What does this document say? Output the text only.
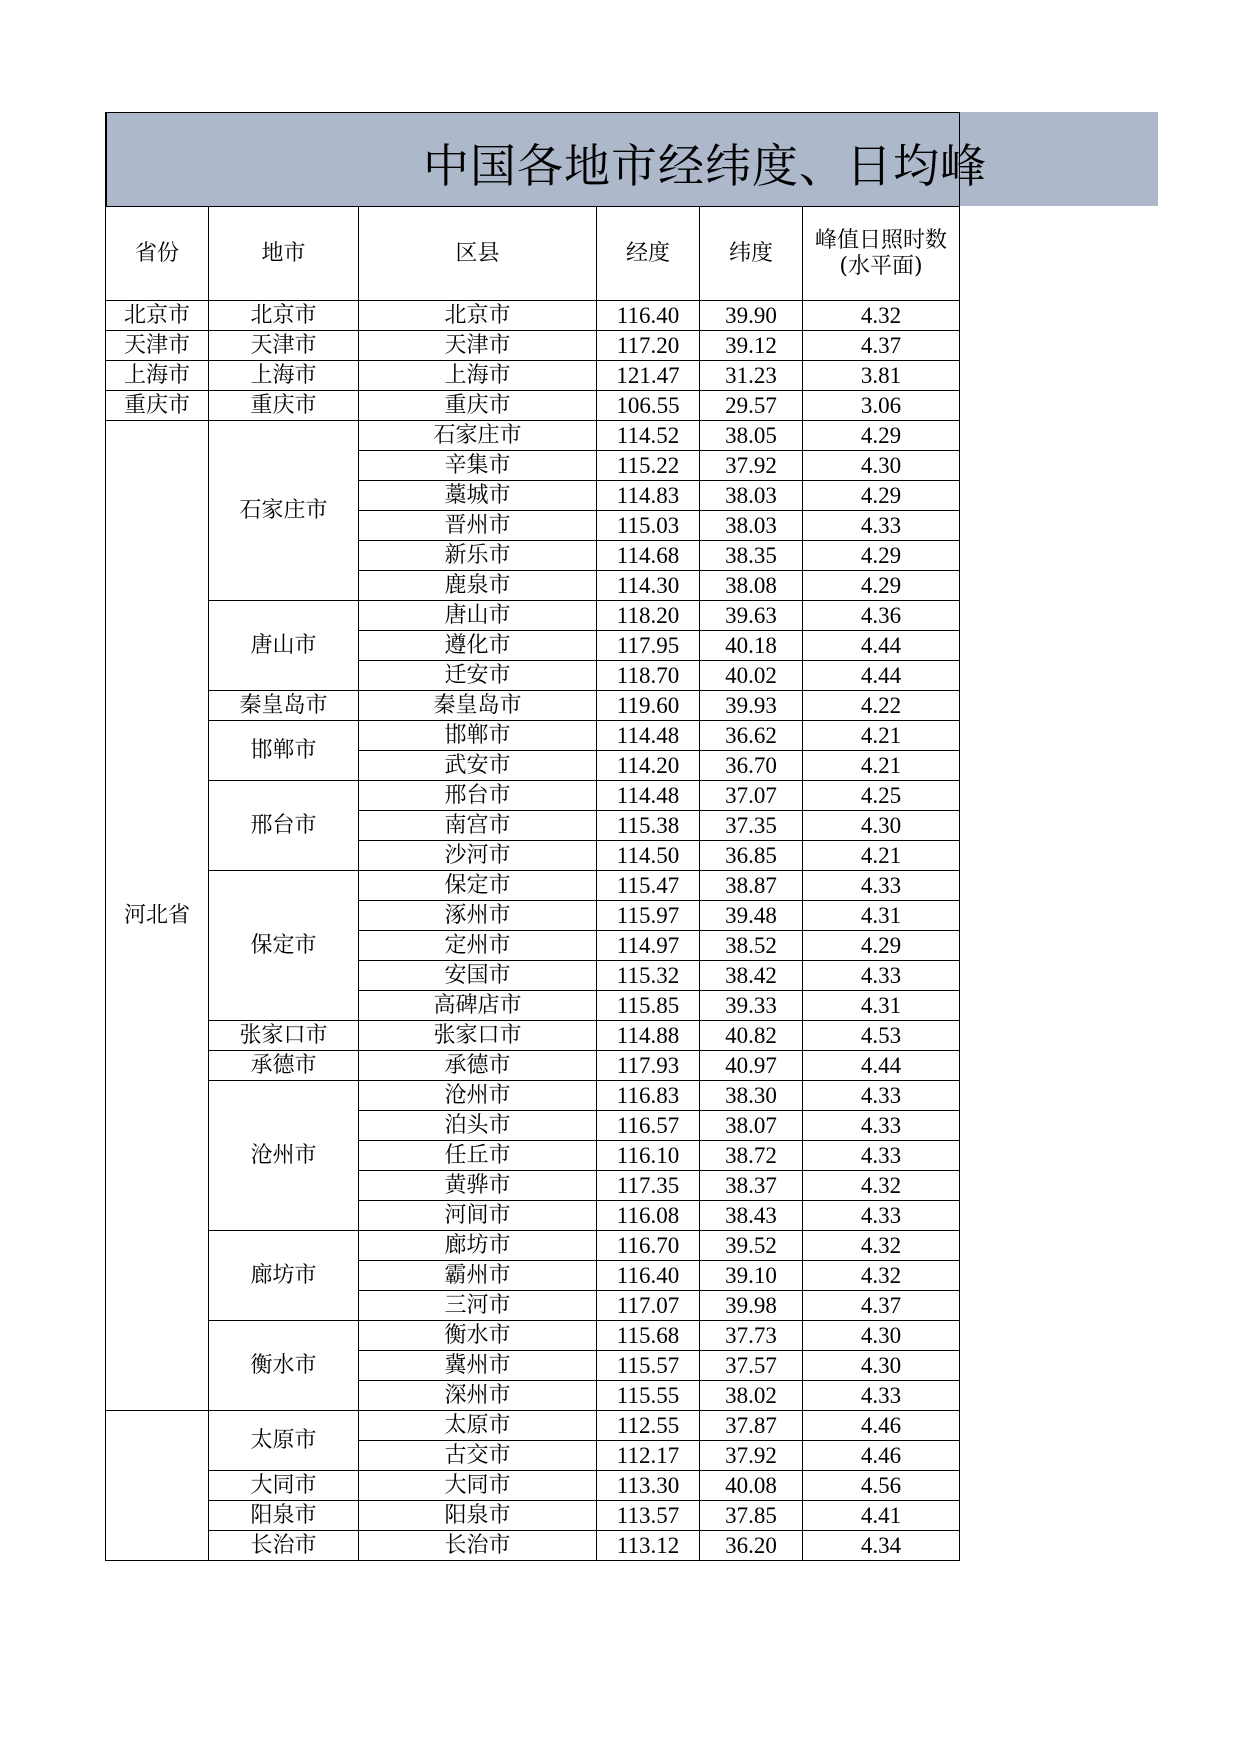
中国各地市经纬度、日均峰
省份	地市	区县	经度	纬度	峰值日照时数
(水平面)
北京市	北京市	北京市	116.40	39.90	4.32
天津市	天津市	天津市	117.20	39.12	4.37
上海市	上海市	上海市	121.47	31.23	3.81
重庆市	重庆市	重庆市	106.55	29.57	3.06
河北省	石家庄市	石家庄市	114.52	38.05	4.29
		辛集市	115.22	37.92	4.30
		藁城市	114.83	38.03	4.29
		晋州市	115.03	38.03	4.33
		新乐市	114.68	38.35	4.29
		鹿泉市	114.30	38.08	4.29
	唐山市	唐山市	118.20	39.63	4.36
		遵化市	117.95	40.18	4.44
		迁安市	118.70	40.02	4.44
	秦皇岛市	秦皇岛市	119.60	39.93	4.22
	邯郸市	邯郸市	114.48	36.62	4.21
		武安市	114.20	36.70	4.21
	邢台市	邢台市	114.48	37.07	4.25
		南宫市	115.38	37.35	4.30
		沙河市	114.50	36.85	4.21
	保定市	保定市	115.47	38.87	4.33
		涿州市	115.97	39.48	4.31
		定州市	114.97	38.52	4.29
		安国市	115.32	38.42	4.33
		高碑店市	115.85	39.33	4.31
	张家口市	张家口市	114.88	40.82	4.53
	承德市	承德市	117.93	40.97	4.44
	沧州市	沧州市	116.83	38.30	4.33
		泊头市	116.57	38.07	4.33
		任丘市	116.10	38.72	4.33
		黄骅市	117.35	38.37	4.32
		河间市	116.08	38.43	4.33
	廊坊市	廊坊市	116.70	39.52	4.32
		霸州市	116.40	39.10	4.32
		三河市	117.07	39.98	4.37
	衡水市	衡水市	115.68	37.73	4.30
		冀州市	115.57	37.57	4.30
		深州市	115.55	38.02	4.33
	太原市	太原市	112.55	37.87	4.46
		古交市	112.17	37.92	4.46
	大同市	大同市	113.30	40.08	4.56
	阳泉市	阳泉市	113.57	37.85	4.41
	长治市	长治市	113.12	36.20	4.34
